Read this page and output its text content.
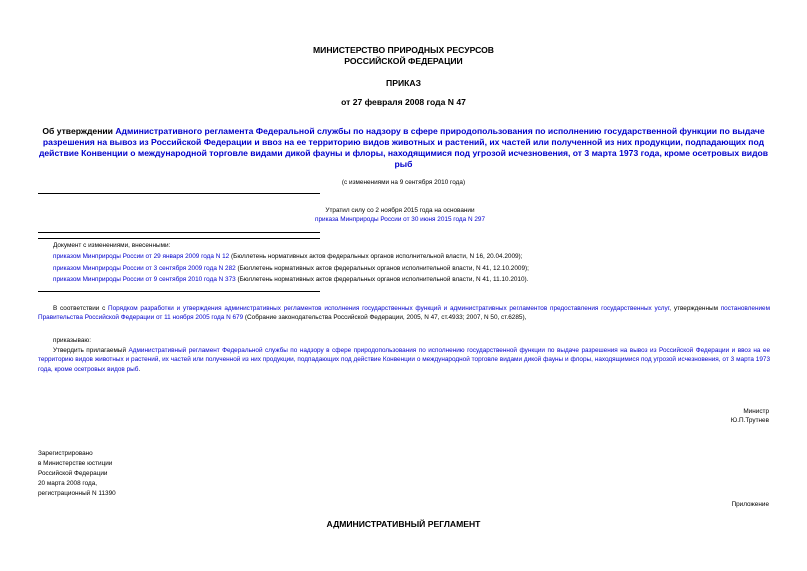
МИНИСТЕРСТВО ПРИРОДНЫХ РЕСУРСОВ
РОССИЙСКОЙ ФЕДЕРАЦИИ
ПРИКАЗ
от 27 февраля 2008 года N 47
Об утверждении Административного регламента Федеральной службы по надзору в сфере природопользования по исполнению государственной функции по выдаче разрешения на вывоз из Российской Федерации и ввоз на ее территорию видов животных и растений, их частей или полученной из них продукции, подпадающих под действие Конвенции о международной торговле видами дикой фауны и флоры, находящимися под угрозой исчезновения, от 3 марта 1973 года, кроме осетровых видов рыб
(с изменениями на 9 сентября 2010 года)
Утратил силу со 2 ноября 2015 года на основании
приказа Минприроды России от 30 июня 2015 года N 297
Документ с изменениями, внесенными:
приказом Минприроды России от 29 января 2009 года N 12 (Бюллетень нормативных актов федеральных органов исполнительной власти, N 16, 20.04.2009);
приказом Минприроды России от 3 сентября 2009 года N 282 (Бюллетень нормативных актов федеральных органов исполнительной власти, N 41, 12.10.2009);
приказом Минприроды России от 9 сентября 2010 года N 373 (Бюллетень нормативных актов федеральных органов исполнительной власти, N 41, 11.10.2010).
В соответствии с Порядком разработки и утверждения административных регламентов исполнения государственных функций и административных регламентов предоставления государственных услуг, утвержденным постановлением Правительства Российской Федерации от 11 ноября 2005 года N 679 (Собрание законодательства Российской Федерации, 2005, N 47, ст.4933; 2007, N 50, ст.6285),
приказываю:
Утвердить прилагаемый Административный регламент Федеральной службы по надзору в сфере природопользования по исполнению государственной функции по выдаче разрешения на вывоз из Российской Федерации и ввоз на ее территорию видов животных и растений, их частей или полученной из них продукции, подпадающих под действие Конвенции о международной торговле видами дикой фауны и флоры, находящимися под угрозой исчезновения, от 3 марта 1973 года, кроме осетровых видов рыб.
Министр
Ю.П.Трутнев
Зарегистрировано
в Министерстве юстиции
Российской Федерации
20 марта 2008 года,
регистрационный N 11390
Приложение
АДМИНИСТРАТИВНЫЙ РЕГЛАМЕНТ
